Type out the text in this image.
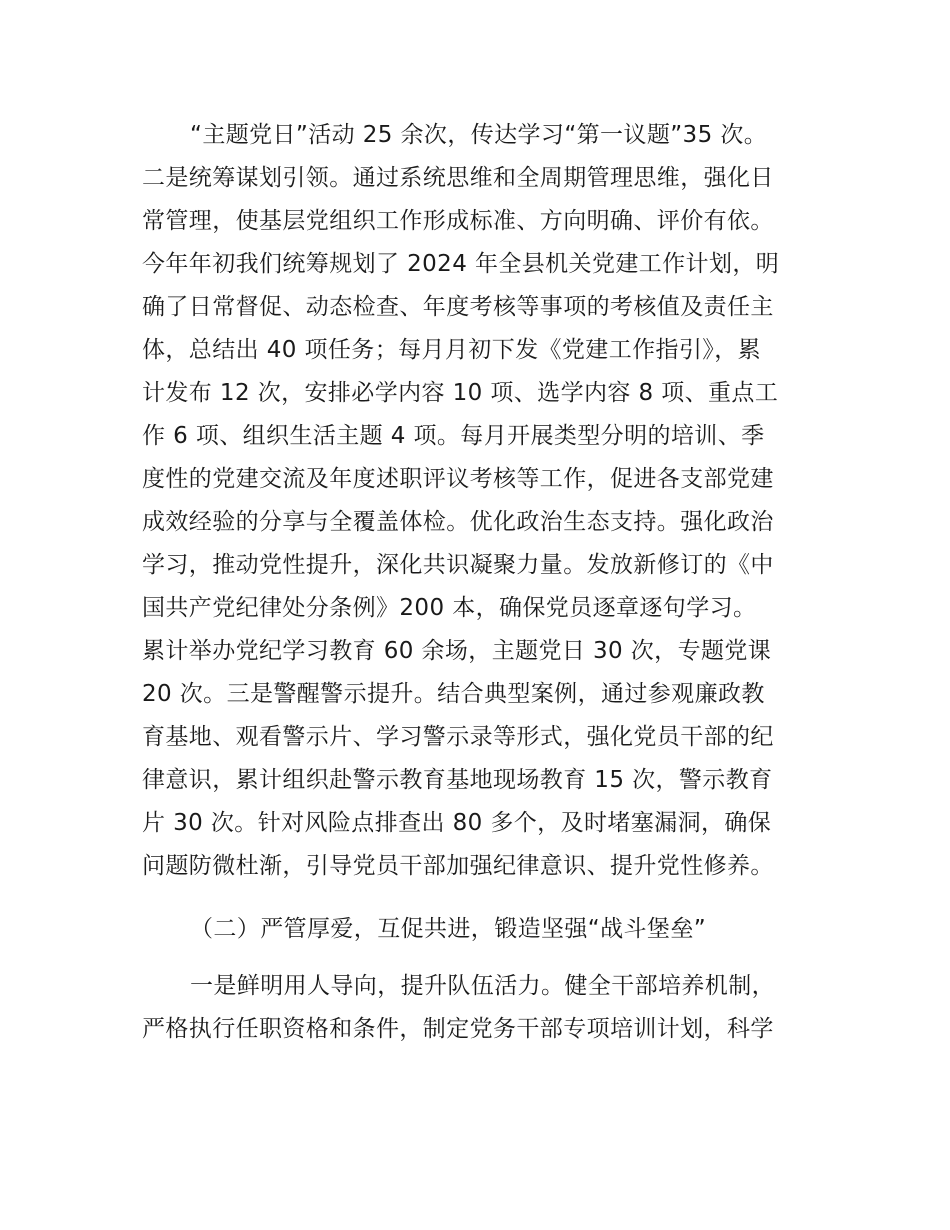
“主题党日”活动 25 余次，传达学习“第一议题”35 次。
二是统筹谋划引领。通过系统思维和全周期管理思维，强化日
常管理，使基层党组织工作形成标准、方向明确、评价有依。
今年年初我们统筹规划了 2024 年全县机关党建工作计划，明
确了日常督促、动态检查、年度考核等事项的考核值及责任主
体，总结出 40 项任务；每月月初下发《党建工作指引》，累
计发布 12 次，安排必学内容 10 项、选学内容 8 项、重点工
作 6 项、组织生活主题 4 项。每月开展类型分明的培训、季
度性的党建交流及年度述职评议考核等工作，促进各支部党建
成效经验的分享与全覆盖体检。优化政治生态支持。强化政治
学习，推动党性提升，深化共识凝聚力量。发放新修订的《中
国共产党纪律处分条例》200 本，确保党员逐章逐句学习。
累计举办党纪学习教育 60 余场，主题党日 30 次，专题党课
20 次。三是警醒警示提升。结合典型案例，通过参观廉政教
育基地、观看警示片、学习警示录等形式，强化党员干部的纪
律意识，累计组织赴警示教育基地现场教育 15 次，警示教育
片 30 次。针对风险点排查出 80 多个，及时堵塞漏洞，确保
问题防微杜渐，引导党员干部加强纪律意识、提升党性修养。
（二）严管厚爱，互促共进，锻造坚强“战斗堡垒”
一是鲜明用人导向，提升队伍活力。健全干部培养机制，
严格执行任职资格和条件，制定党务干部专项培训计划，科学
